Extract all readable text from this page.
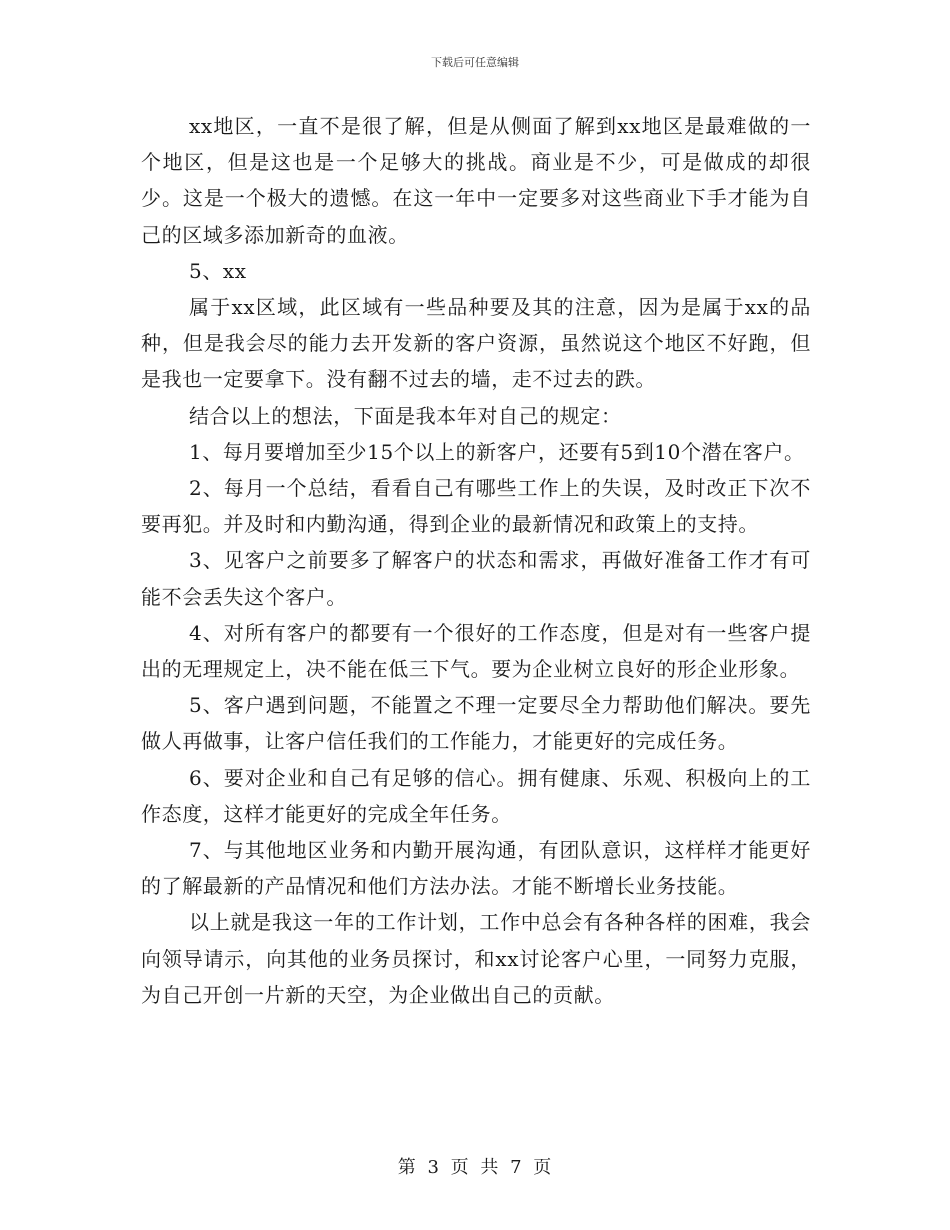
下载后可任意编辑

xx地区，一直不是很了解，但是从侧面了解到xx地区是最难做的一个地区，但是这也是一个足够大的挑战。商业是不少，可是做成的却很少。这是一个极大的遗憾。在这一年中一定要多对这些商业下手才能为自己的区域多添加新奇的血液。

5、xx

属于xx区域，此区域有一些品种要及其的注意，因为是属于xx的品种，但是我会尽的能力去开发新的客户资源，虽然说这个地区不好跑，但是我也一定要拿下。没有翻不过去的墙，走不过去的跌。

结合以上的想法，下面是我本年对自己的规定：

1、每月要增加至少15个以上的新客户，还要有5到10个潜在客户。

2、每月一个总结，看看自己有哪些工作上的失误，及时改正下次不要再犯。并及时和内勤沟通，得到企业的最新情况和政策上的支持。

3、见客户之前要多了解客户的状态和需求，再做好准备工作才有可能不会丢失这个客户。

4、对所有客户的都要有一个很好的工作态度，但是对有一些客户提出的无理规定上，决不能在低三下气。要为企业树立良好的形企业形象。

5、客户遇到问题，不能置之不理一定要尽全力帮助他们解决。要先做人再做事，让客户信任我们的工作能力，才能更好的完成任务。

6、要对企业和自己有足够的信心。拥有健康、乐观、积极向上的工作态度，这样才能更好的完成全年任务。

7、与其他地区业务和内勤开展沟通，有团队意识，这样样才能更好的了解最新的产品情况和他们方法办法。才能不断增长业务技能。

以上就是我这一年的工作计划，工作中总会有各种各样的困难，我会向领导请示，向其他的业务员探讨，和xx讨论客户心里，一同努力克服，为自己开创一片新的天空，为企业做出自己的贡献。

第 3 页 共 7 页
